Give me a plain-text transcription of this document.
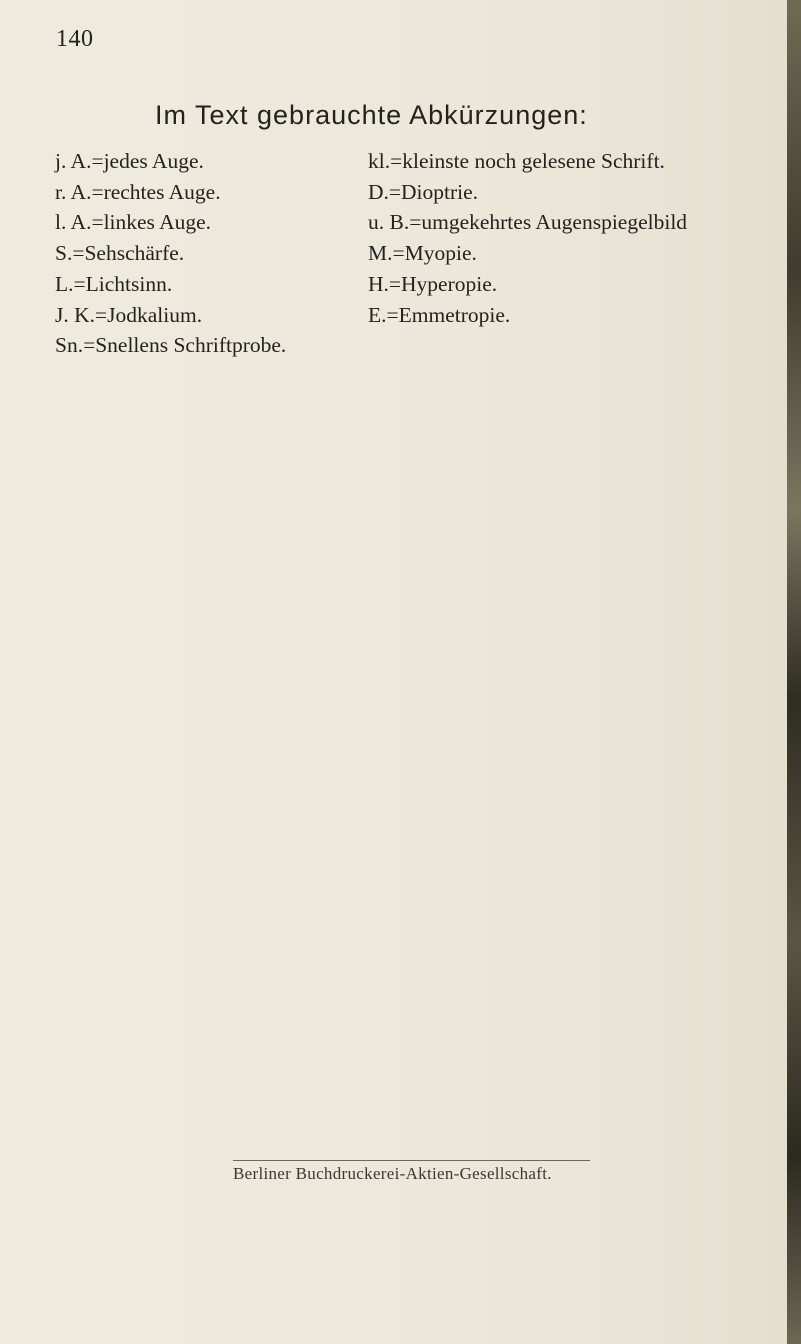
140
Im Text gebrauchte Abkürzungen:
j. A.=jedes Auge.
r. A.=rechtes Auge.
l. A.=linkes Auge.
S.=Sehschärfe.
L.=Lichtsinn.
J. K.=Jodkalium.
Sn.=Snellens Schriftprobe.
kl.=kleinste noch gelesene Schrift.
D.=Dioptrie.
u. B.=umgekehrtes Augenspiegelbild
M.=Myopie.
H.=Hyperopie.
E.=Emmetropie.
Berliner Buchdruckerei-Aktien-Gesellschaft.
